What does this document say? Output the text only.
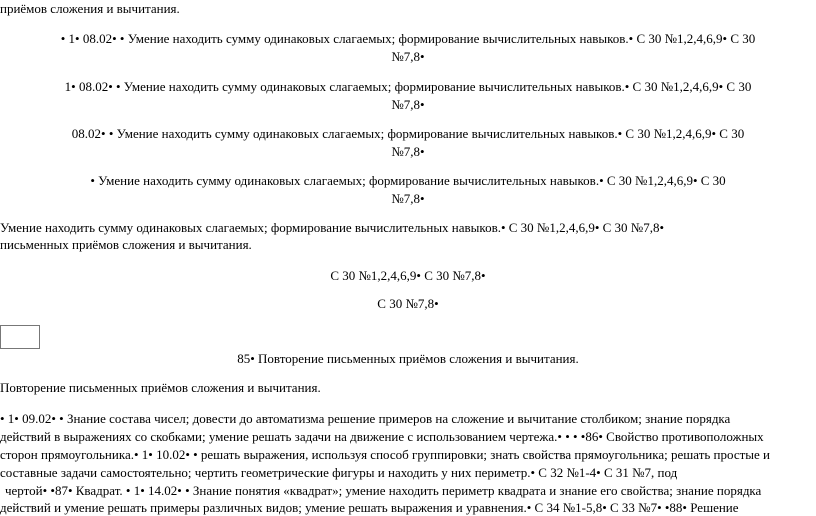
приёмов сложения и вычитания.
• 1• 08.02• • Умение находить сумму одинаковых слагаемых; формирование вычислительных навыков.• С 30 №1,2,4,6,9• С 30
№7,8•
1• 08.02• • Умение находить сумму одинаковых слагаемых; формирование вычислительных навыков.• С 30 №1,2,4,6,9• С 30
№7,8•
08.02• • Умение находить сумму одинаковых слагаемых; формирование вычислительных навыков.• С 30 №1,2,4,6,9• С 30
№7,8•
• Умение находить сумму одинаковых слагаемых; формирование вычислительных навыков.• С 30 №1,2,4,6,9• С 30
№7,8•
Умение находить сумму одинаковых слагаемых; формирование вычислительных навыков.• С 30 №1,2,4,6,9• С 30 №7,8•
письменных приёмов сложения и вычитания.
С 30 №1,2,4,6,9• С 30 №7,8•
С 30 №7,8•
85• Повторение письменных приёмов сложения и вычитания.
Повторение письменных приёмов сложения и вычитания.
• 1• 09.02• • Знание состава чисел; довести до автоматизма решение примеров на сложение и вычитание столбиком; знание порядка
действий в выражениях со скобками; умение решать задачи на движение с использованием чертежа.• • • •86• Свойство противоположных
сторон прямоугольника.• 1• 10.02• • решать выражения, используя способ группировки; знать свойства прямоугольника; решать простые и
составные задачи самостоятельно; чертить геометрические фигуры и находить у них периметр.• С 32 №1-4• С 31 №7, под
чертой• •87• Квадрат. • 1• 14.02• • Знание понятия «квадрат»; умение находить периметр квадрата и знание его свойства; знание порядка
действий и умение решать примеры различных видов; умение решать выражения и уравнения.• С 34 №1-5,8• С 33 №7• •88• Решение
